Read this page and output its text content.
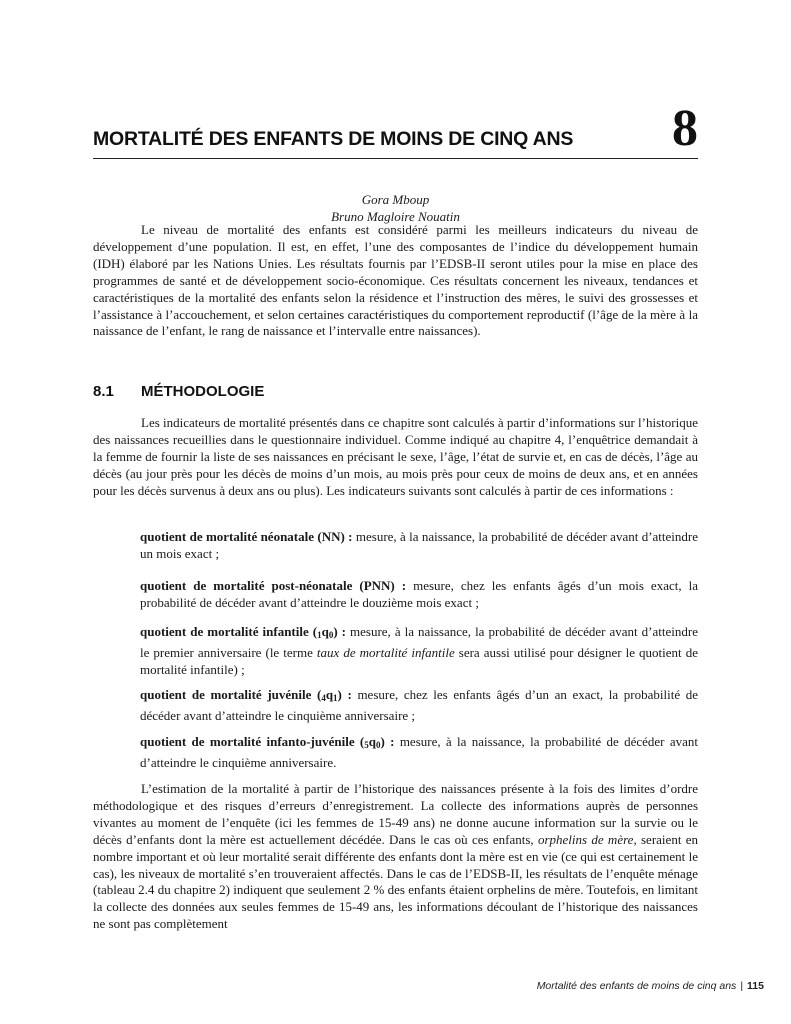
MORTALITÉ DES ENFANTS DE MOINS DE CINQ ANS 8
Gora Mboup
Bruno Magloire Nouatin

Le niveau de mortalité des enfants est considéré parmi les meilleurs indicateurs du niveau de développement d’une population. Il est, en effet, l’une des composantes de l’indice du développement humain (IDH) élaboré par les Nations Unies. Les résultats fournis par l’EDSB-II seront utiles pour la mise en place des programmes de santé et de développement socio-économique. Ces résultats concernent les niveaux, tendances et caractéristiques de la mortalité des enfants selon la résidence et l’instruction des mères, le suivi des grossesses et l’assistance à l’accouchement, et selon certaines caractéristiques du comportement reproductif (l’âge de la mère à la naissance de l’enfant, le rang de naissance et l’intervalle entre naissances).

8.1 MÉTHODOLOGIE

Les indicateurs de mortalité présentés dans ce chapitre sont calculés à partir d’informations sur l’historique des naissances recueillies dans le questionnaire individuel. Comme indiqué au chapitre 4, l’enquêtrice demandait à la femme de fournir la liste de ses naissances en précisant le sexe, l’âge, l’état de survie et, en cas de décès, l’âge au décès (au jour près pour les décès de moins d’un mois, au mois près pour ceux de moins de deux ans, et en années pour les décès survenus à deux ans ou plus). Les indicateurs suivants sont calculés à partir de ces informations :

quotient de mortalité néonatale (NN) : mesure, à la naissance, la probabilité de décéder avant d’atteindre un mois exact ;

quotient de mortalité post-néonatale (PNN) : mesure, chez les enfants âgés d’un mois exact, la probabilité de décéder avant d’atteindre le douzième mois exact ;

quotient de mortalité infantile $(1q_0)$ : mesure, à la naissance, la probabilité de décéder avant d’atteindre le premier anniversaire (le terme taux de mortalité infantile sera aussi utilisé pour désigner le quotient de mortalité infantile) ;

quotient de mortalité juvénile $(4q_1)$ : mesure, chez les enfants âgés d’un an exact, la probabilité de décéder avant d’atteindre le cinquième anniversaire ;

quotient de mortalité infanto-juvénile $(5q_0)$ : mesure, à la naissance, la probabilité de décéder avant d’atteindre le cinquième anniversaire.

L’estimation de la mortalité à partir de l’historique des naissances présente à la fois des limites d’ordre méthodologique et des risques d’erreurs d’enregistrement. La collecte des informations auprès de personnes vivantes au moment de l’enquête (ici les femmes de 15-49 ans) ne donne aucune information sur la survie ou le décès d’enfants dont la mère est actuellement décédée. Dans le cas où ces enfants, orphelins de mère, seraient en nombre important et où leur mortalité serait différente des enfants dont la mère est en vie (ce qui est certainement le cas), les niveaux de mortalité s’en trouveraient affectés. Dans le cas de l’EDSB-II, les résultats de l’enquête ménage (tableau 2.4 du chapitre 2) indiquent que seulement 2 % des enfants étaient orphelins de mère. Toutefois, en limitant la collecte des données aux seules femmes de 15-49 ans, les informations découlant de l’historique des naissances ne sont pas complètement

Mortalité des enfants de moins de cinq ans | 115
